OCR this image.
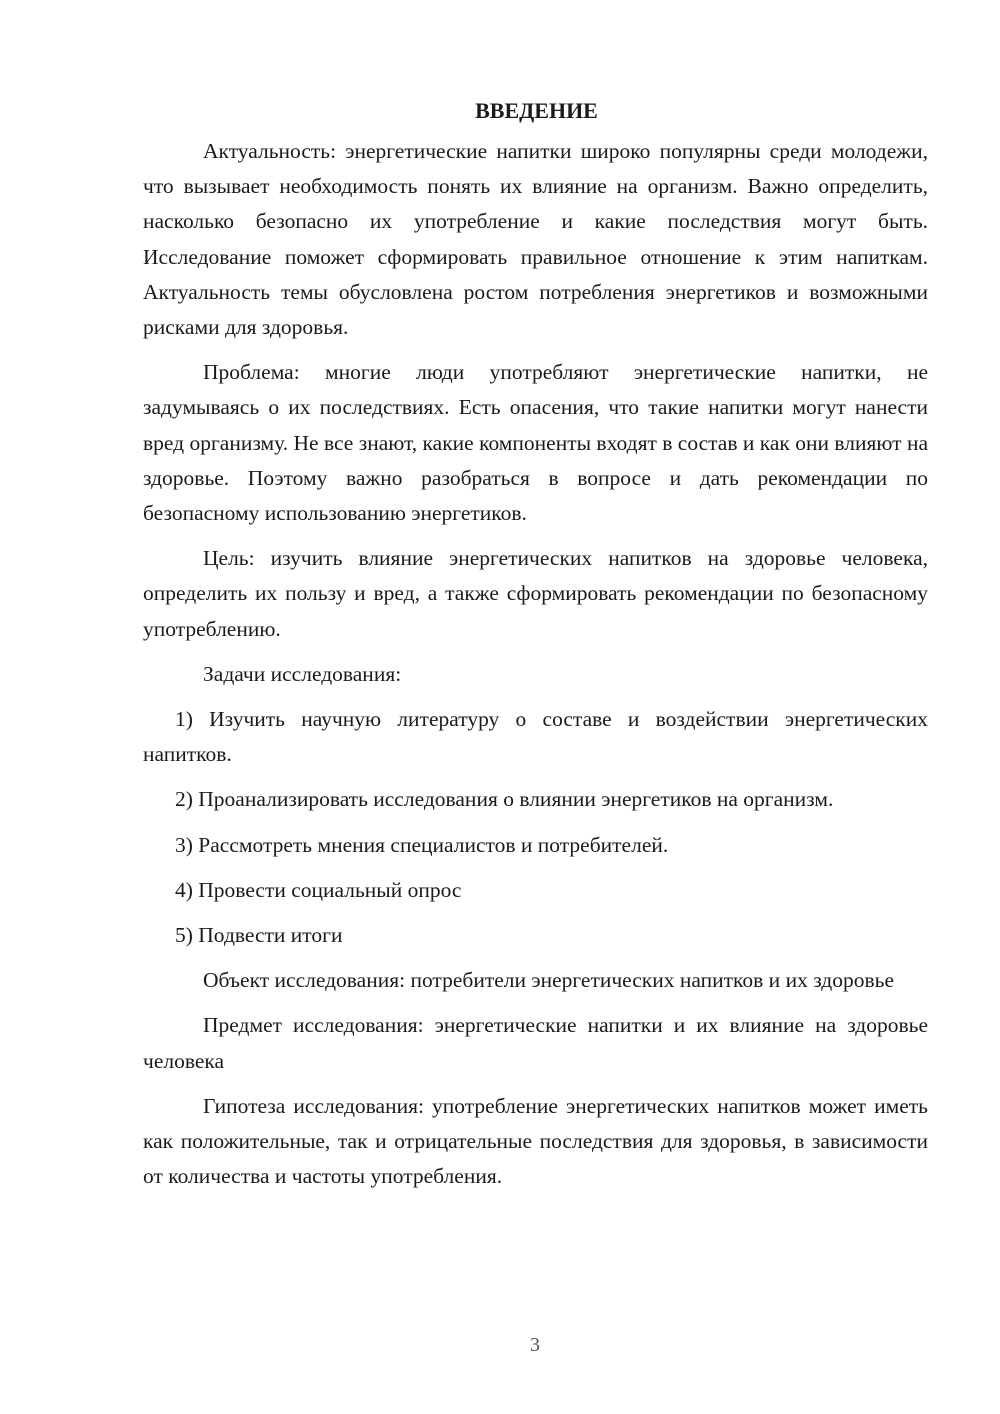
ВВЕДЕНИЕ

Актуальность: энергетические напитки широко популярны среди молодежи, что вызывает необходимость понять их влияние на организм. Важно определить, насколько безопасно их употребление и какие последствия могут быть. Исследование поможет сформировать правильное отношение к этим напиткам. Актуальность темы обусловлена ростом потребления энергетиков и возможными рисками для здоровья.

Проблема: многие люди употребляют энергетические напитки, не задумываясь о их последствиях. Есть опасения, что такие напитки могут нанести вред организму. Не все знают, какие компоненты входят в состав и как они влияют на здоровье. Поэтому важно разобраться в вопросе и дать рекомендации по безопасному использованию энергетиков.

Цель: изучить влияние энергетических напитков на здоровье человека, определить их пользу и вред, а также сформировать рекомендации по безопасному употреблению.

Задачи исследования:

1) Изучить научную литературу о составе и воздействии энергетических напитков.

2) Проанализировать исследования о влиянии энергетиков на организм.

3) Рассмотреть мнения специалистов и потребителей.

4) Провести социальный опрос

5) Подвести итоги

Объект исследования: потребители энергетических напитков и их здоровье

Предмет исследования: энергетические напитки и их влияние на здоровье человека

Гипотеза исследования: употребление энергетических напитков может иметь как положительные, так и отрицательные последствия для здоровья, в зависимости от количества и частоты употребления.

3
